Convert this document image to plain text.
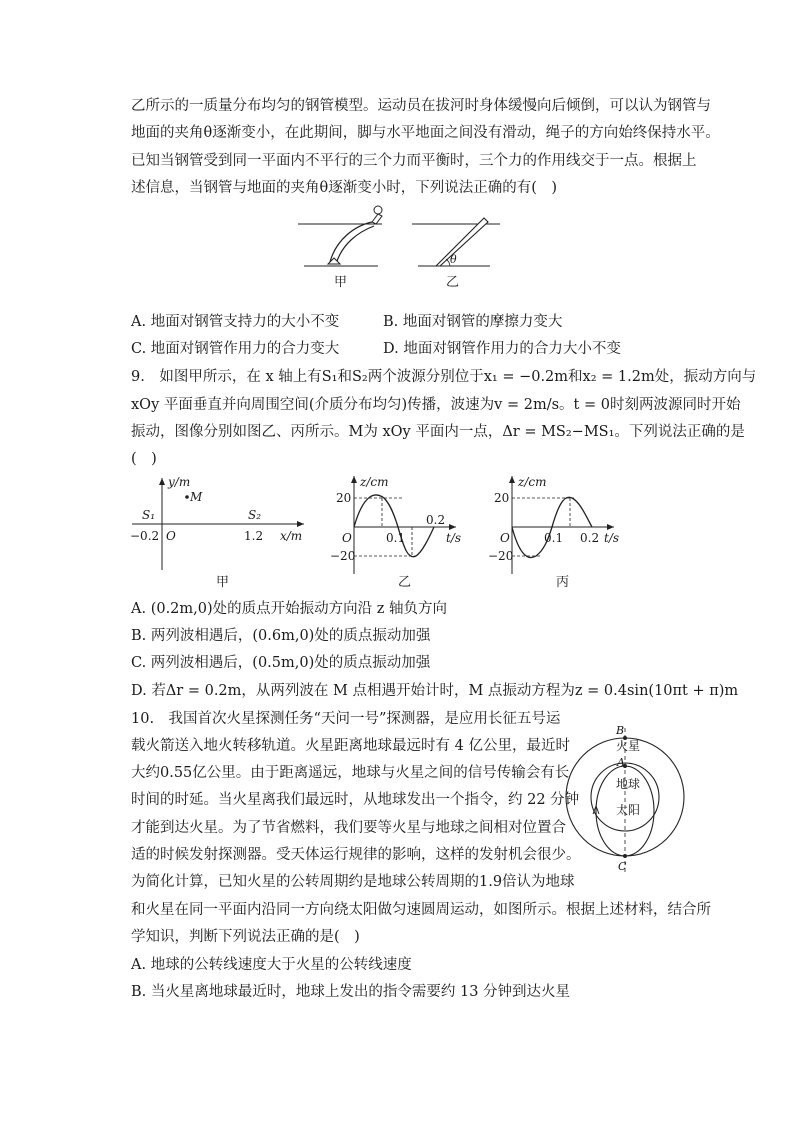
乙所示的一质量分布均匀的钢管模型。运动员在拔河时身体缓慢向后倾倒，可以认为钢管与
地面的夹角θ逐渐变小，在此期间，脚与水平地面之间没有滑动，绳子的方向始终保持水平。
已知当钢管受到同一平面内不平行的三个力而平衡时，三个力的作用线交于一点。根据上
述信息，当钢管与地面的夹角θ逐渐变小时，下列说法正确的有(　)
甲
θ
乙
A. 地面对钢管支持力的大小不变	B. 地面对钢管的摩擦力变大
C. 地面对钢管作用力的合力变大	D. 地面对钢管作用力的合力大小不变
9.　如图甲所示，在 x 轴上有S₁和S₂两个波源分别位于x₁ = −0.2m和x₂ = 1.2m处，振动方向与
xOy 平面垂直并向周围空间(介质分布均匀)传播，波速为v = 2m/s。t = 0时刻两波源同时开始
振动，图像分别如图乙、丙所示。M为 xOy 平面内一点，Δr = MS₂−MS₁。下列说法正确的是
(　)
y/m
x/m
M
S₁	S₂
−0.2 O	1.2
甲
z/cm
t/s
20
−20
O	0.1
0.2
乙
z/cm
t/s
20
−20
O	0.1 0.2
丙
A. (0.2m,0)处的质点开始振动方向沿 z 轴负方向
B. 两列波相遇后，(0.6m,0)处的质点振动加强
C. 两列波相遇后，(0.5m,0)处的质点振动加强
D. 若Δr = 0.2m，从两列波在 M 点相遇开始计时，M 点振动方程为z = 0.4sin(10πt + π)m
10.　我国首次火星探测任务“天问一号”探测器，是应用长征五号运
载火箭送入地火转移轨道。火星距离地球最远时有 4 亿公里，最近时
大约0.55亿公里。由于距离遥远，地球与火星之间的信号传输会有长
时间的时延。当火星离我们最远时，从地球发出一个指令，约 22 分钟
才能到达火星。为了节省燃料，我们要等火星与地球之间相对位置合
适的时候发射探测器。受天体运行规律的影响，这样的发射机会很少。
为简化计算，已知火星的公转周期约是地球公转周期的1.9倍认为地球
和火星在同一平面内沿同一方向绕太阳做匀速圆周运动，如图所示。根据上述材料，结合所
学知识，判断下列说法正确的是(　)
B
火星
A
地球
太阳
C
A. 地球的公转线速度大于火星的公转线速度
B. 当火星离地球最近时，地球上发出的指令需要约 13 分钟到达火星
